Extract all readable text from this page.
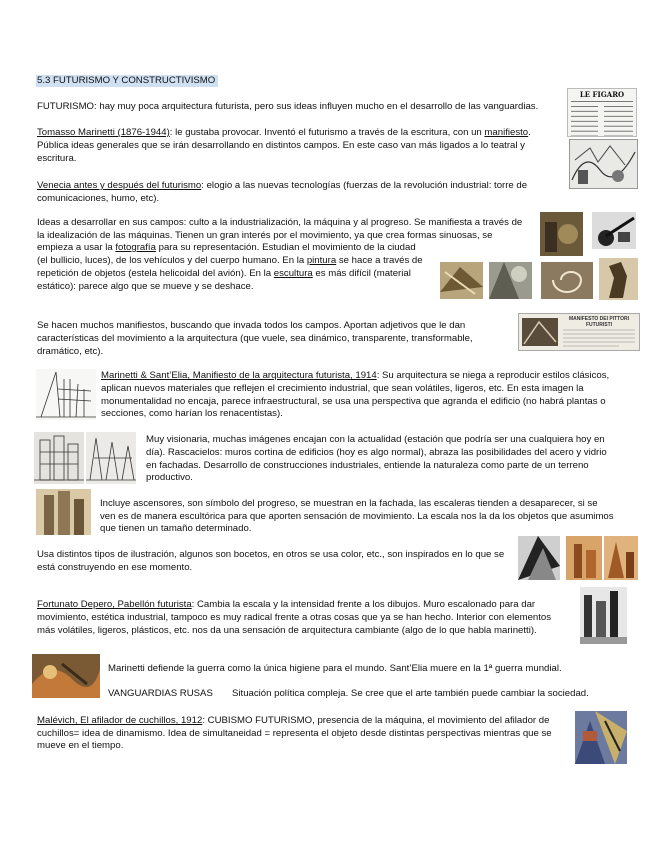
5.3 FUTURISMO Y CONSTRUCTIVISMO

FUTURISMO: hay muy poca arquitectura futurista, pero sus ideas influyen mucho en el desarrollo de las vanguardias.

Tomasso Marinetti (1876-1944): le gustaba provocar. Inventó el futurismo a través de la escritura, con un manifiesto.

Pública ideas generales que se irán desarrollando en distintos campos. En este caso van más ligados a lo teatral y

escritura.

Venecia antes y después del futurismo: elogio a las nuevas tecnologías (fuerzas de la revolución industrial: torre de

comunicaciones, humo, etc).

Ideas a desarrollar en sus campos: culto a la industrialización, la máquina y al progreso. Se manifiesta a través de

la idealización de las máquinas. Tienen un gran interés por el movimiento, ya que crea formas sinuosas, se

empieza a usar la fotografía para su representación. Estudian el movimiento de la ciudad

(el bullicio, luces), de los vehículos y del cuerpo humano. En la pintura se hace a través de

repetición de objetos (estela helicoidal del avión). En la escultura es más difícil (material

estático): parece algo que se mueve y se deshace.

Se hacen muchos manifiestos, buscando que invada todos los campos. Aportan adjetivos que le dan

características del movimiento a la arquitectura (que vuele, sea dinámico, transparente, transformable,

dramático, etc).

Marinetti & Sant’Elia, Manifiesto de la arquitectura futurista, 1914: Su arquitectura se niega a reproducir estilos clásicos,

aplican nuevos materiales que reflejen el crecimiento industrial, que sean volátiles, ligeros, etc. En esta imagen la

monumentalidad no encaja, parece infraestructural, se usa una perspectiva que agranda el edificio (no habrá plantas o

secciones, como harían los renacentistas).

Muy visionaria, muchas imágenes encajan con la actualidad (estación que podría ser una cualquiera hoy en

día). Rascacielos: muros cortina de edificios (hoy es algo normal), abraza las posibilidades del acero y vidrio

en fachadas. Desarrollo de construcciones industriales, entiende la naturaleza como parte de un terreno

productivo.

Incluye ascensores, son símbolo del progreso, se muestran en la fachada, las escaleras tienden a desaparecer, si se

ven es de manera escultórica para que aporten sensación de movimiento. La escala nos la da los objetos que asumimos

que tienen un tamaño determinado.

Usa distintos tipos de ilustración, algunos son bocetos, en otros se usa color, etc., son inspirados en lo que se

está construyendo en ese momento.

Fortunato Depero, Pabellón futurista: Cambia la escala y la intensidad frente a los dibujos. Muro escalonado para dar

movimiento, estética industrial, tampoco es muy radical frente a otras cosas que ya se han hecho. Interior con elementos

más volátiles, ligeros, plásticos, etc. nos da una sensación de arquitectura cambiante (algo de lo que habla marinetti).

Marinetti defiende la guerra como la única higiene para el mundo. Sant’Elia muere en la 1ª guerra mundial.

VANGUARDIAS RUSAS Situación política compleja. Se cree que el arte también puede cambiar la sociedad.

Malévich, El afilador de cuchillos, 1912: CUBISMO FUTURISMO, presencia de la máquina, el movimiento del afilador de

cuchillos= idea de dinamismo. Idea de simultaneidad = representa el objeto desde distintas perspectivas mientras que se

mueve en el tiempo.

LE FIGARO
MANIFESTO DEI PITTORI FUTURISTI
